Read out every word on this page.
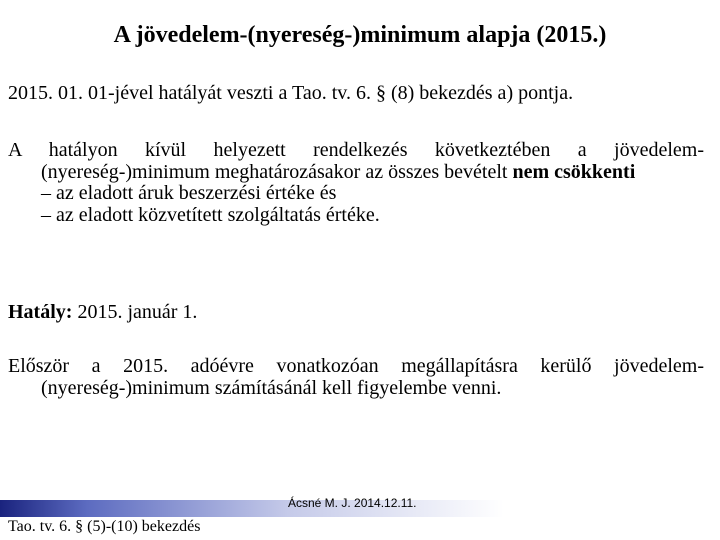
A jövedelem-(nyereség-)minimum alapja (2015.)

2015. 01. 01-jével hatályát veszti a Tao. tv. 6. § (8) bekezdés a) pontja.

A hatályon kívül helyezett rendelkezés következtében a jövedelem-
(nyereség-)minimum meghatározásakor az összes bevételt nem csökkenti
– az eladott áruk beszerzési értéke és
– az eladott közvetített szolgáltatás értéke.
Hatály: 2015. január 1.
Először a 2015. adóévre vonatkozóan megállapításra kerülő jövedelem-
(nyereség-)minimum számításánál kell figyelembe venni.

Ácsné M. J. 2014.12.11.

Tao. tv. 6. § (5)-(10) bekezdés
